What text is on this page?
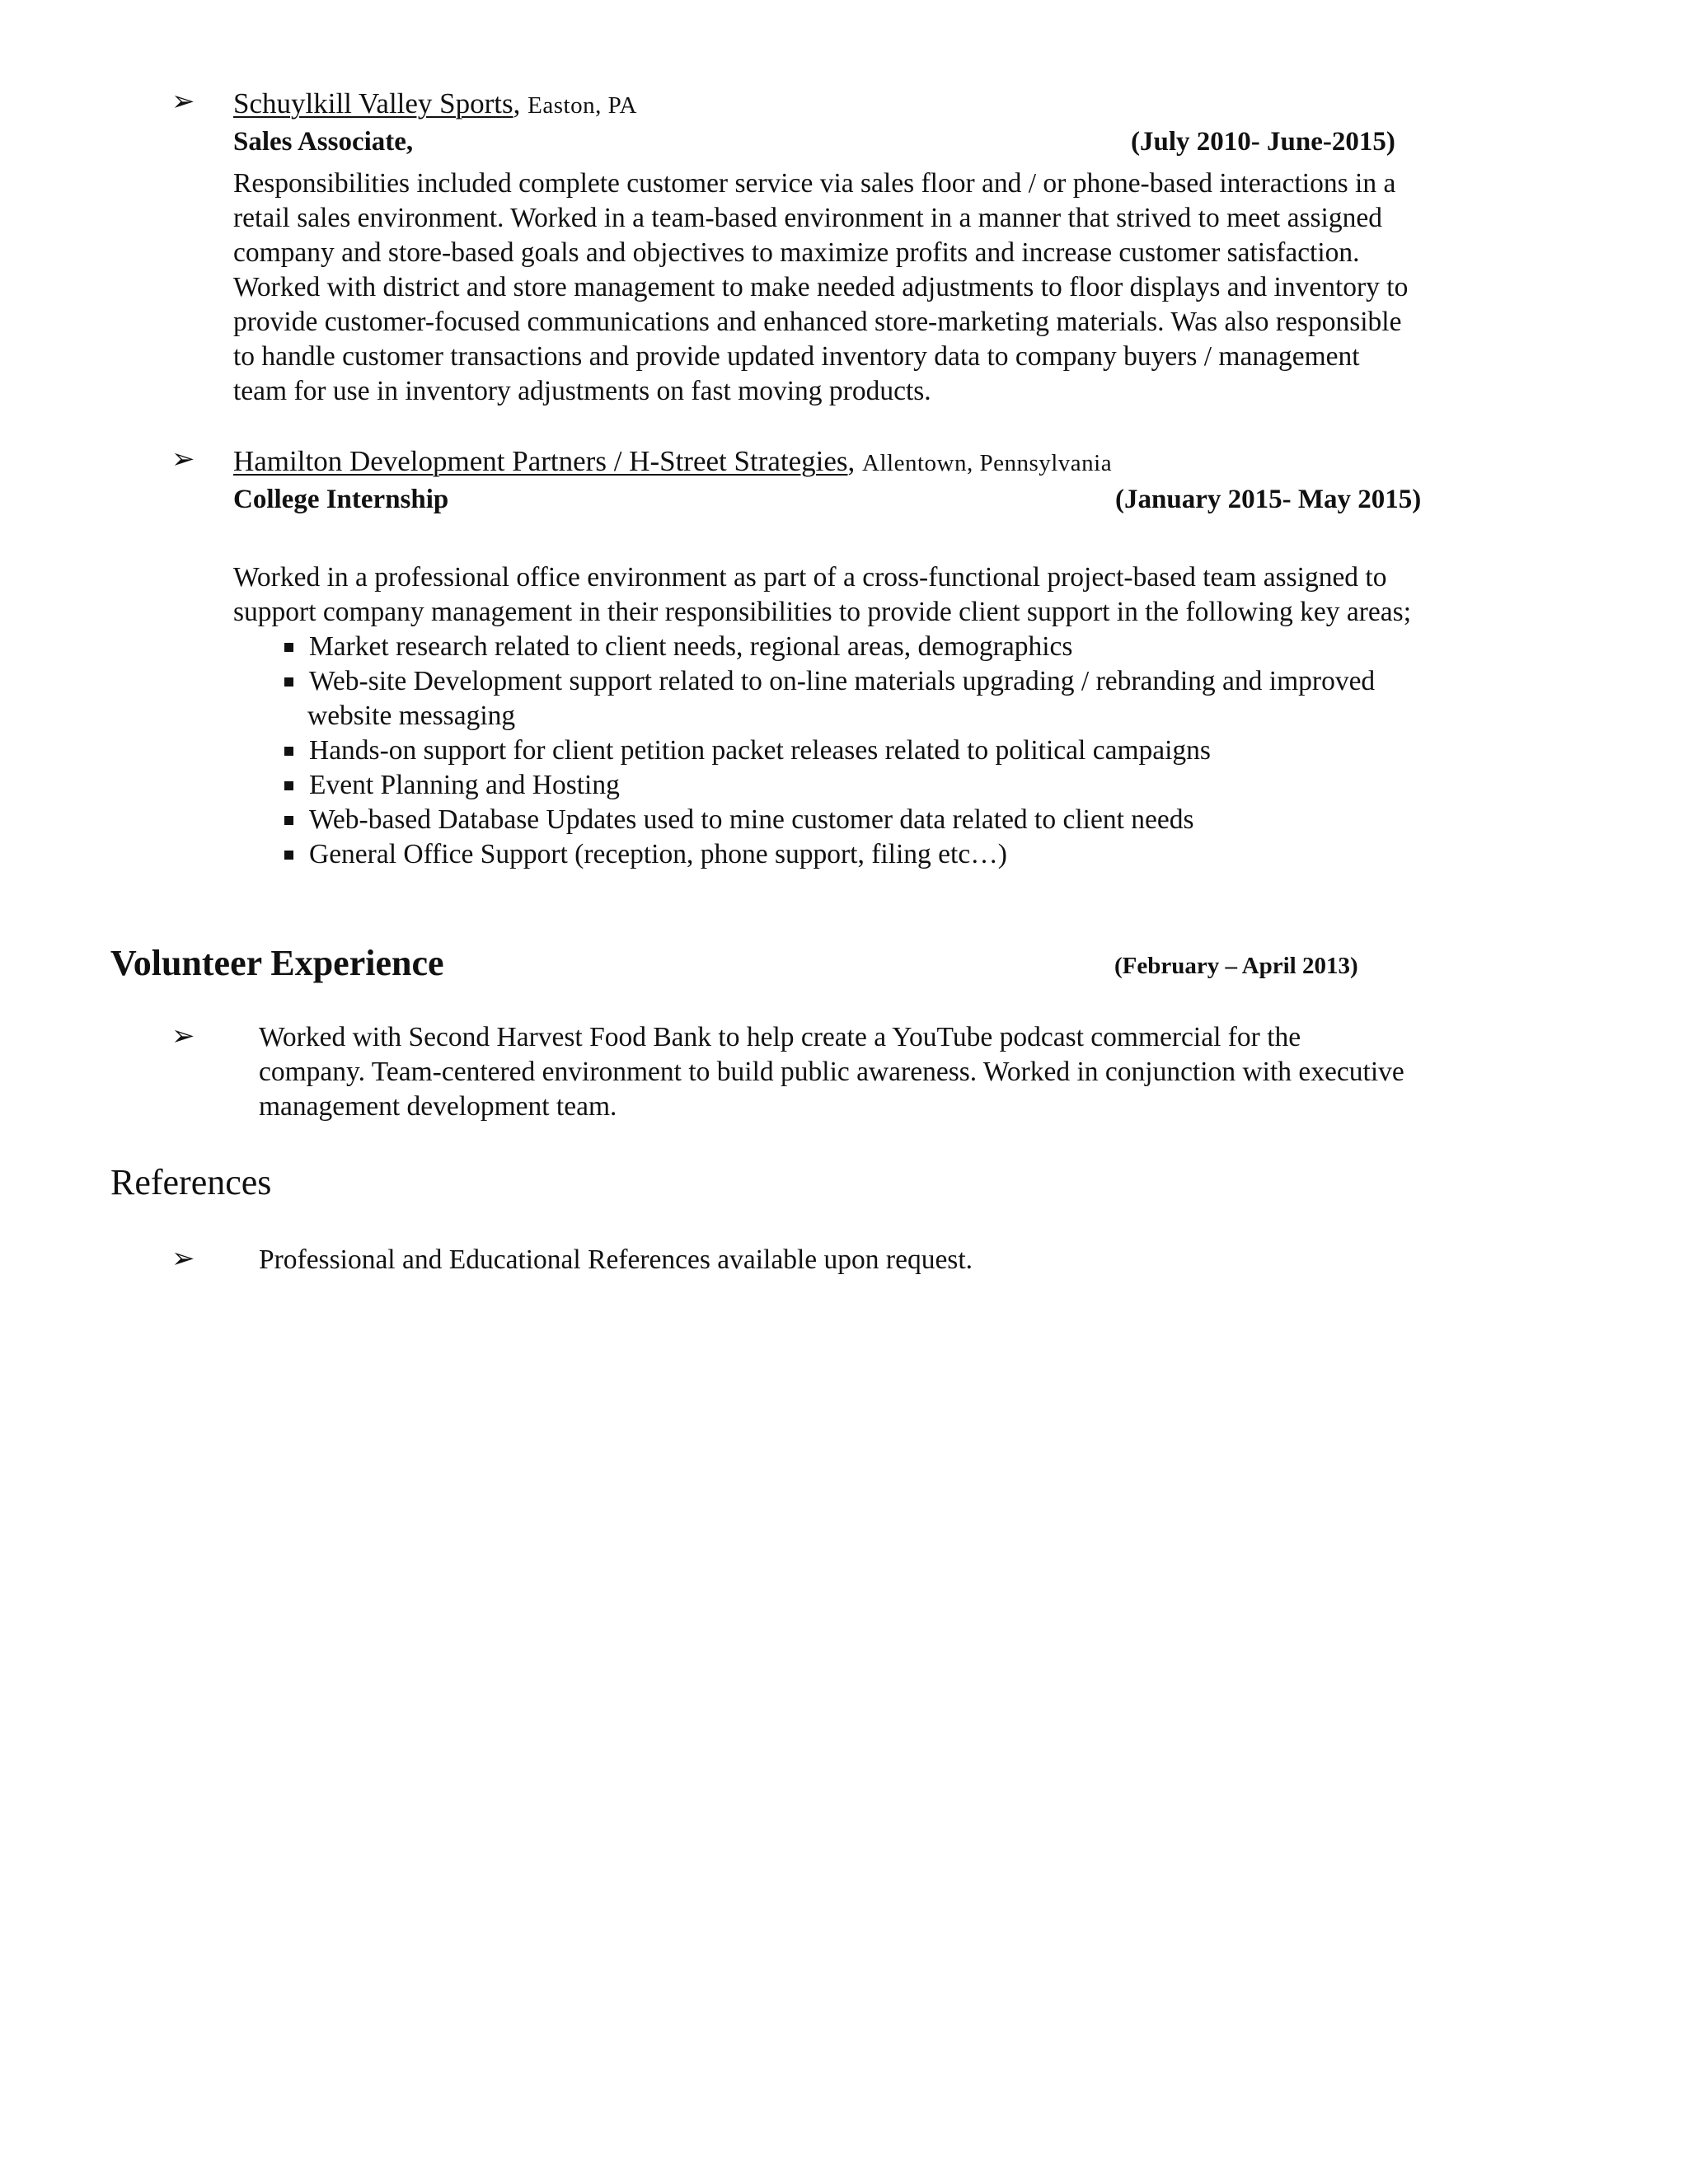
➢ Schuylkill Valley Sports, Easton, PA
Sales Associate,	(July 2010- June-2015)
Responsibilities included complete customer service via sales floor and / or phone-based interactions in a
retail sales environment. Worked in a team-based environment in a manner that strived to meet assigned
company and store-based goals and objectives to maximize profits and increase customer satisfaction.
Worked with district and store management to make needed adjustments to floor displays and inventory to
provide customer-focused communications and enhanced store-marketing materials. Was also responsible
to handle customer transactions and provide updated inventory data to company buyers / management
team for use in inventory adjustments on fast moving products.
➢ Hamilton Development Partners / H-Street Strategies, Allentown, Pennsylvania
College Internship	(January 2015- May 2015)
Worked in a professional office environment as part of a cross-functional project-based team assigned to
support company management in their responsibilities to provide client support in the following key areas;
Market research related to client needs, regional areas, demographics
Web-site Development support related to on-line materials upgrading / rebranding and improved
website messaging
Hands-on support for client petition packet releases related to political campaigns
Event Planning and Hosting
Web-based Database Updates used to mine customer data related to client needs
General Office Support (reception, phone support, filing etc…)
Volunteer Experience	(February – April 2013)
➢ Worked with Second Harvest Food Bank to help create a YouTube podcast commercial for the
company. Team-centered environment to build public awareness. Worked in conjunction with executive
management development team.
References
➢ Professional and Educational References available upon request.
